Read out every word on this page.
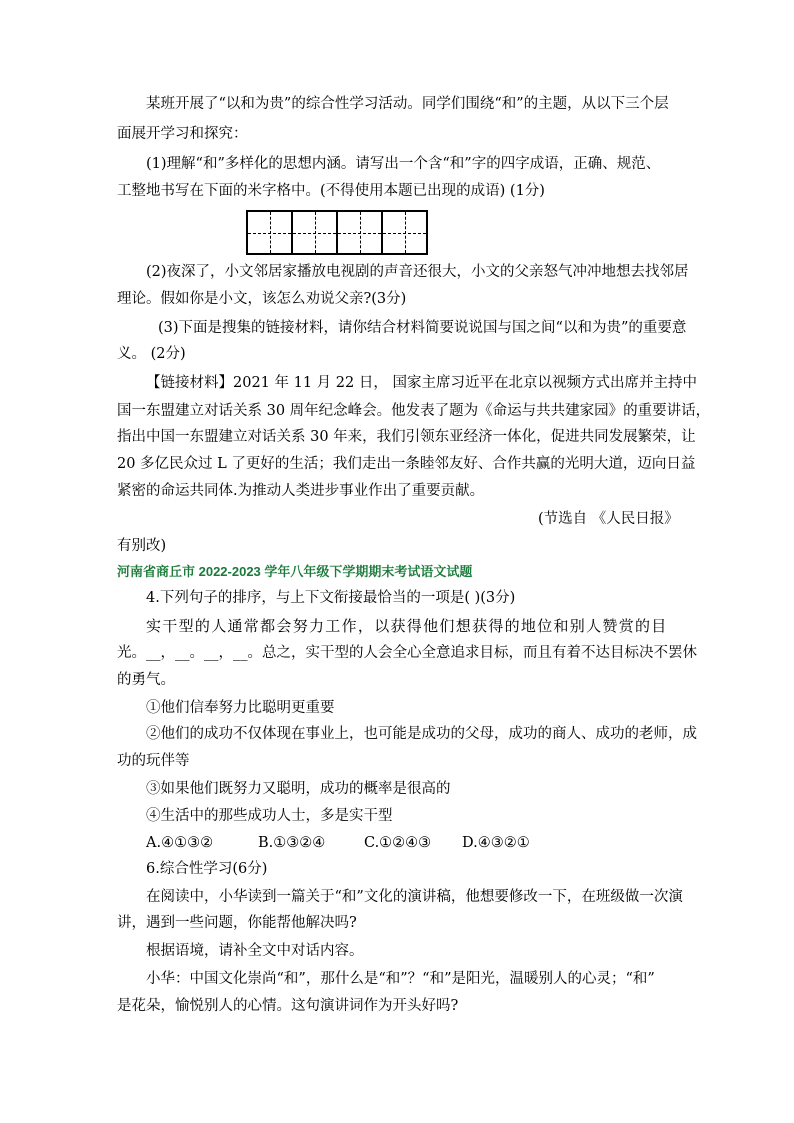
某班开展了“以和为贵”的综合性学习活动。同学们围绕“和”的主题，从以下三个层
面展开学习和探究：
(1)理解“和”多样化的思想内涵。请写出一个含“和”字的四字成语，正确、规范、
工整地书写在下面的米字格中。(不得使用本题已出现的成语) (1分)
(2)夜深了，小文邻居家播放电视剧的声音还很大，小文的父亲怒气冲冲地想去找邻居
理论。假如你是小文，该怎么劝说父亲?(3分)
(3)下面是搜集的链接材料，请你结合材料简要说说国与国之间“以和为贵”的重要意
义。 (2分)
【链接材料】2021 年 11 月 22 日， 国家主席习近平在北京以视频方式出席并主持中
国一东盟建立对话关系 30 周年纪念峰会。他发表了题为《命运与共共建家园》的重要讲话，
指出中国一东盟建立对话关系 30 年来，我们引领东亚经济一体化，促进共同发展繁荣，让
20 多亿民众过 L 了更好的生活；我们走出一条睦邻友好、合作共赢的光明大道，迈向日益
紧密的命运共同体.为推动人类进步事业作出了重要贡献。
(节选自 《人民日报》
有别改)
河南省商丘市 2022-2023 学年八年级下学期期末考试语文试题
4.下列句子的排序，与上下文衔接最恰当的一项是( )(3分)
实干型的人通常都会努力工作，以获得他们想获得的地位和别人赞赏的目
光。__，__。__，__。总之，实干型的人会全心全意追求目标，而且有着不达目标决不罢休
的勇气。
①他们信奉努力比聪明更重要
②他们的成功不仅体现在事业上，也可能是成功的父母，成功的商人、成功的老师，成
功的玩伴等
③如果他们既努力又聪明，成功的概率是很高的
④生活中的那些成功人士，多是实干型
A.④①③②	B.①③②④	C.①②④③ D.④③②①
6.综合性学习(6分)
在阅读中，小华读到一篇关于“和”文化的演讲稿，他想要修改一下，在班级做一次演
讲，遇到一些问题，你能帮他解决吗?
根据语境，请补全文中对话内容。
小华：中国文化崇尚“和”，那什么是“和”？“和”是阳光，温暖别人的心灵；“和”
是花朵，愉悦别人的心情。这句演讲词作为开头好吗?
